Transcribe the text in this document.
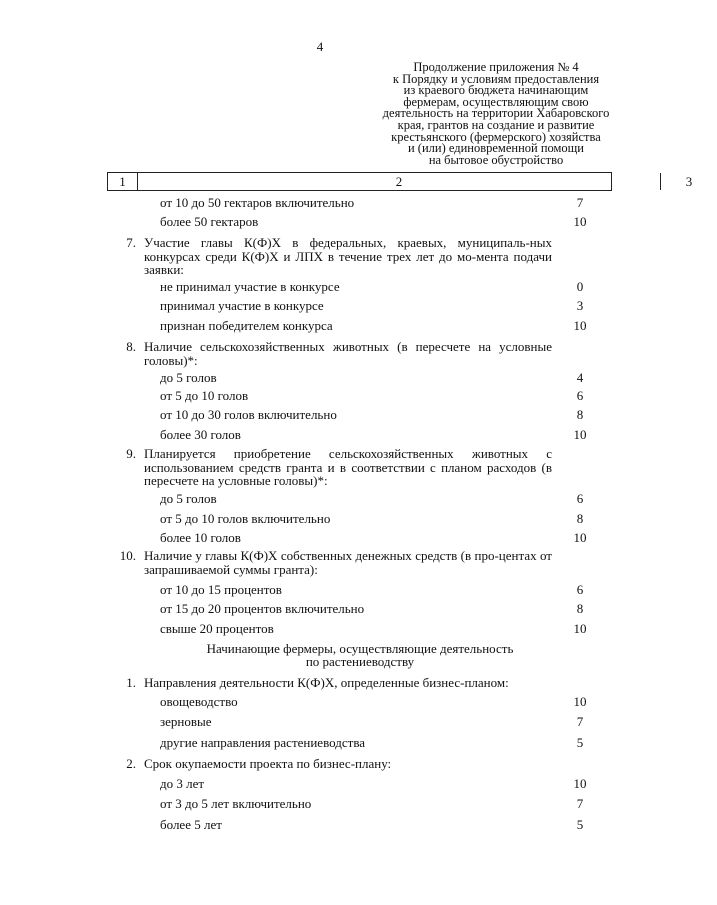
4
Продолжение приложения № 4
к Порядку и условиям предоставления
из краевого бюджета начинающим
фермерам, осуществляющим свою
деятельность на территории Хабаровского
края, грантов на создание и развитие
крестьянского (фермерского) хозяйства
и (или) единовременной помощи
на бытовое обустройство
1	2	3
от 10 до 50 гектаров включительно	7
более 50 гектаров	10
7. Участие главы К(Ф)Х в федеральных, краевых, муниципаль-ных конкурсах среди К(Ф)Х и ЛПХ в течение трех лет до мо-мента подачи заявки:
не принимал участие в конкурсе	0
принимал участие в конкурсе	3
признан победителем конкурса	10
8. Наличие сельскохозяйственных животных (в пересчете на условные головы)*:
до 5 голов	4
от 5 до 10 голов	6
от 10 до 30 голов включительно	8
более 30 голов	10
9. Планируется приобретение сельскохозяйственных животных с использованием средств гранта и в соответствии с планом расходов (в пересчете на условные головы)*:
до 5 голов	6
от 5 до 10 голов включительно	8
более 10 голов	10
10. Наличие у главы К(Ф)Х собственных денежных средств (в про-центах от запрашиваемой суммы гранта):
от 10 до 15 процентов	6
от 15 до 20 процентов включительно	8
свыше 20 процентов	10
Начинающие фермеры, осуществляющие деятельность
по растениеводству
1. Направления деятельности К(Ф)Х, определенные бизнес-планом:
овощеводство	10
зерновые	7
другие направления растениеводства	5
2. Срок окупаемости проекта по бизнес-плану:
до 3 лет	10
от 3 до 5 лет включительно	7
более 5 лет	5
